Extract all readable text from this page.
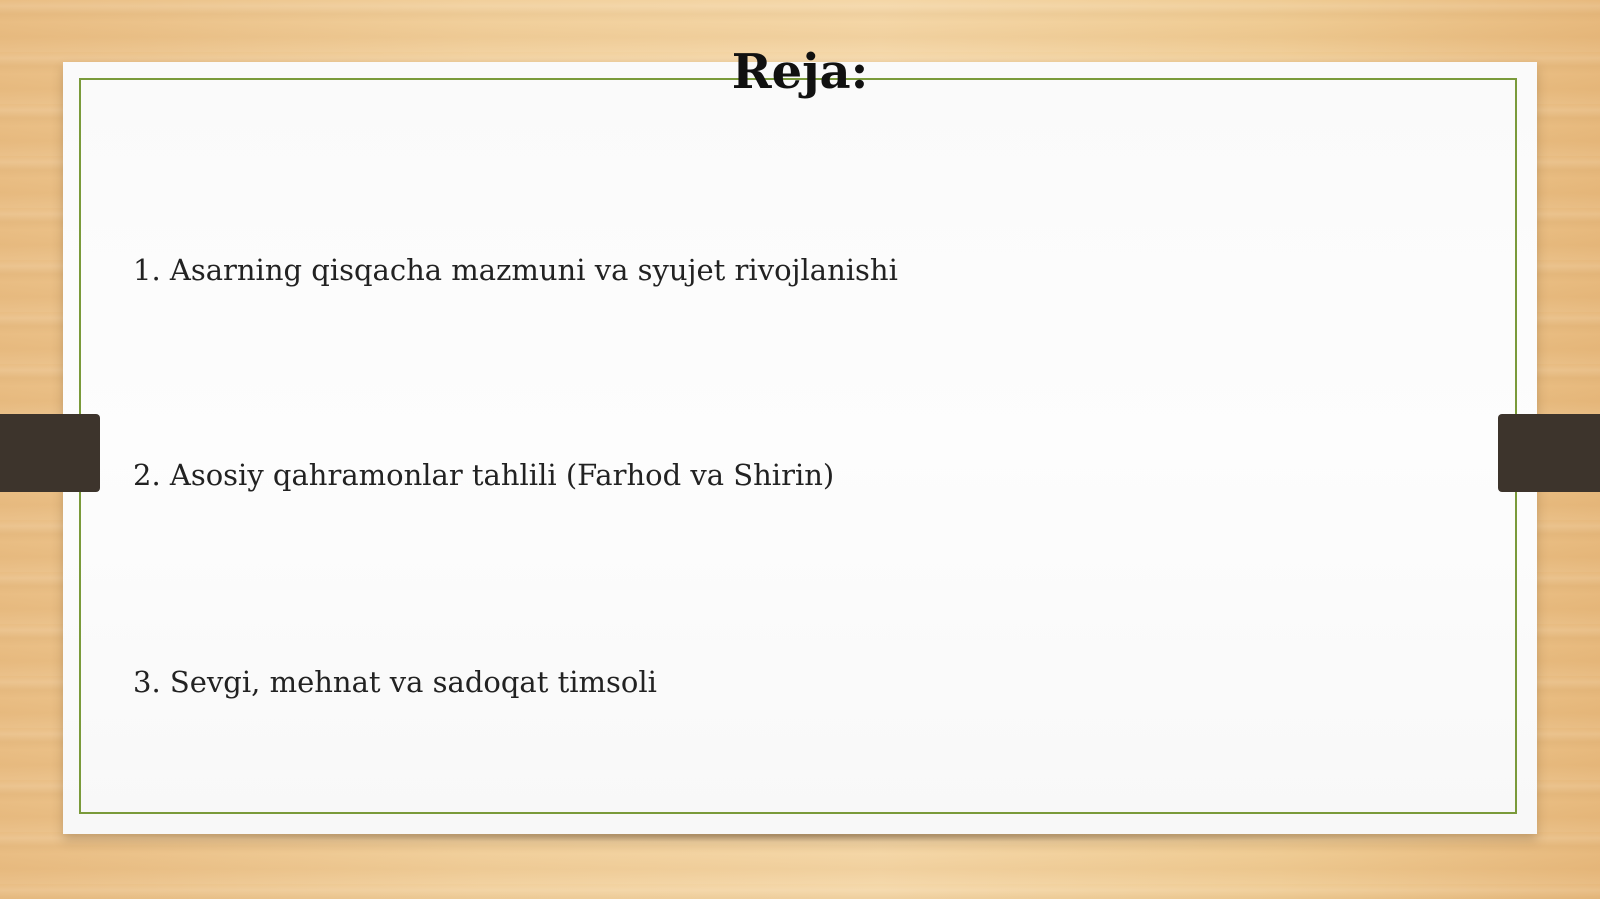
Reja:
1. Asarning qisqacha mazmuni va syujet rivojlanishi
2. Asosiy qahramonlar tahlili (Farhod va Shirin)
3. Sevgi, mehnat va sadoqat timsoli
